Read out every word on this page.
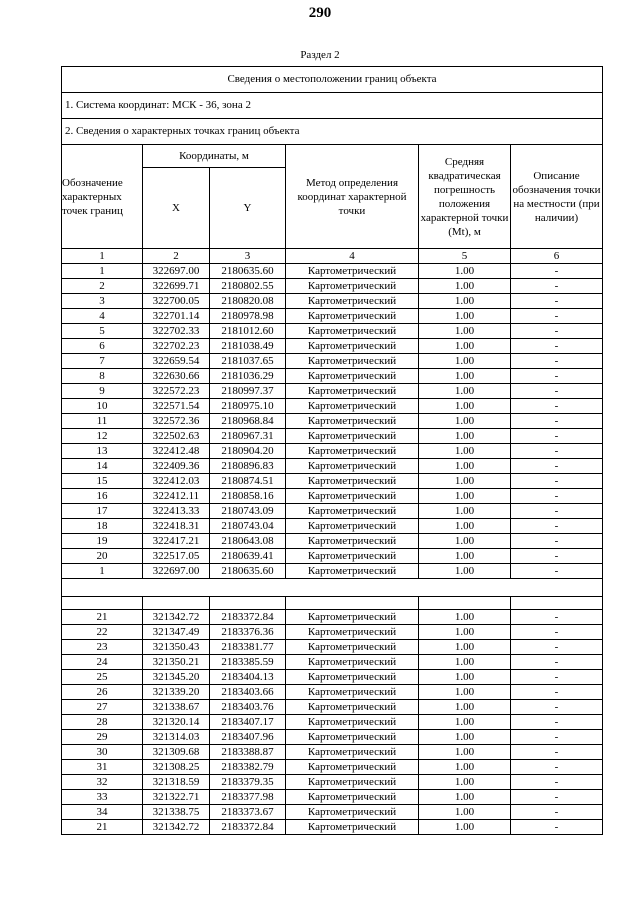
290
Раздел 2
Сведения о местоположении границ объекта					
1. Система координат: МСК - 36, зона 2					
2. Сведения о характерных точках границ объекта					
Обозначение характерных точек границ	Координаты, м		Метод определения координат характерной точки	Средняя квадратическая погрешность положения характерной точки (Mt), м	Описание обозначения точки на местности (при наличии)
	X	Y			
1	2	3	4	5	6
1	322697.00	2180635.60	Картометрический	1.00	-
2	322699.71	2180802.55	Картометрический	1.00	-
3	322700.05	2180820.08	Картометрический	1.00	-
4	322701.14	2180978.98	Картометрический	1.00	-
5	322702.33	2181012.60	Картометрический	1.00	-
6	322702.23	2181038.49	Картометрический	1.00	-
7	322659.54	2181037.65	Картометрический	1.00	-
8	322630.66	2181036.29	Картометрический	1.00	-
9	322572.23	2180997.37	Картометрический	1.00	-
10	322571.54	2180975.10	Картометрический	1.00	-
11	322572.36	2180968.84	Картометрический	1.00	-
12	322502.63	2180967.31	Картометрический	1.00	-
13	322412.48	2180904.20	Картометрический	1.00	-
14	322409.36	2180896.83	Картометрический	1.00	-
15	322412.03	2180874.51	Картометрический	1.00	-
16	322412.11	2180858.16	Картометрический	1.00	-
17	322413.33	2180743.09	Картометрический	1.00	-
18	322418.31	2180743.04	Картометрический	1.00	-
19	322417.21	2180643.08	Картометрический	1.00	-
20	322517.05	2180639.41	Картометрический	1.00	-
1	322697.00	2180635.60	Картометрический	1.00	-

21	321342.72	2183372.84	Картометрический	1.00	-
22	321347.49	2183376.36	Картометрический	1.00	-
23	321350.43	2183381.77	Картометрический	1.00	-
24	321350.21	2183385.59	Картометрический	1.00	-
25	321345.20	2183404.13	Картометрический	1.00	-
26	321339.20	2183403.66	Картометрический	1.00	-
27	321338.67	2183403.76	Картометрический	1.00	-
28	321320.14	2183407.17	Картометрический	1.00	-
29	321314.03	2183407.96	Картометрический	1.00	-
30	321309.68	2183388.87	Картометрический	1.00	-
31	321308.25	2183382.79	Картометрический	1.00	-
32	321318.59	2183379.35	Картометрический	1.00	-
33	321322.71	2183377.98	Картометрический	1.00	-
34	321338.75	2183373.67	Картометрический	1.00	-
21	321342.72	2183372.84	Картометрический	1.00	-
